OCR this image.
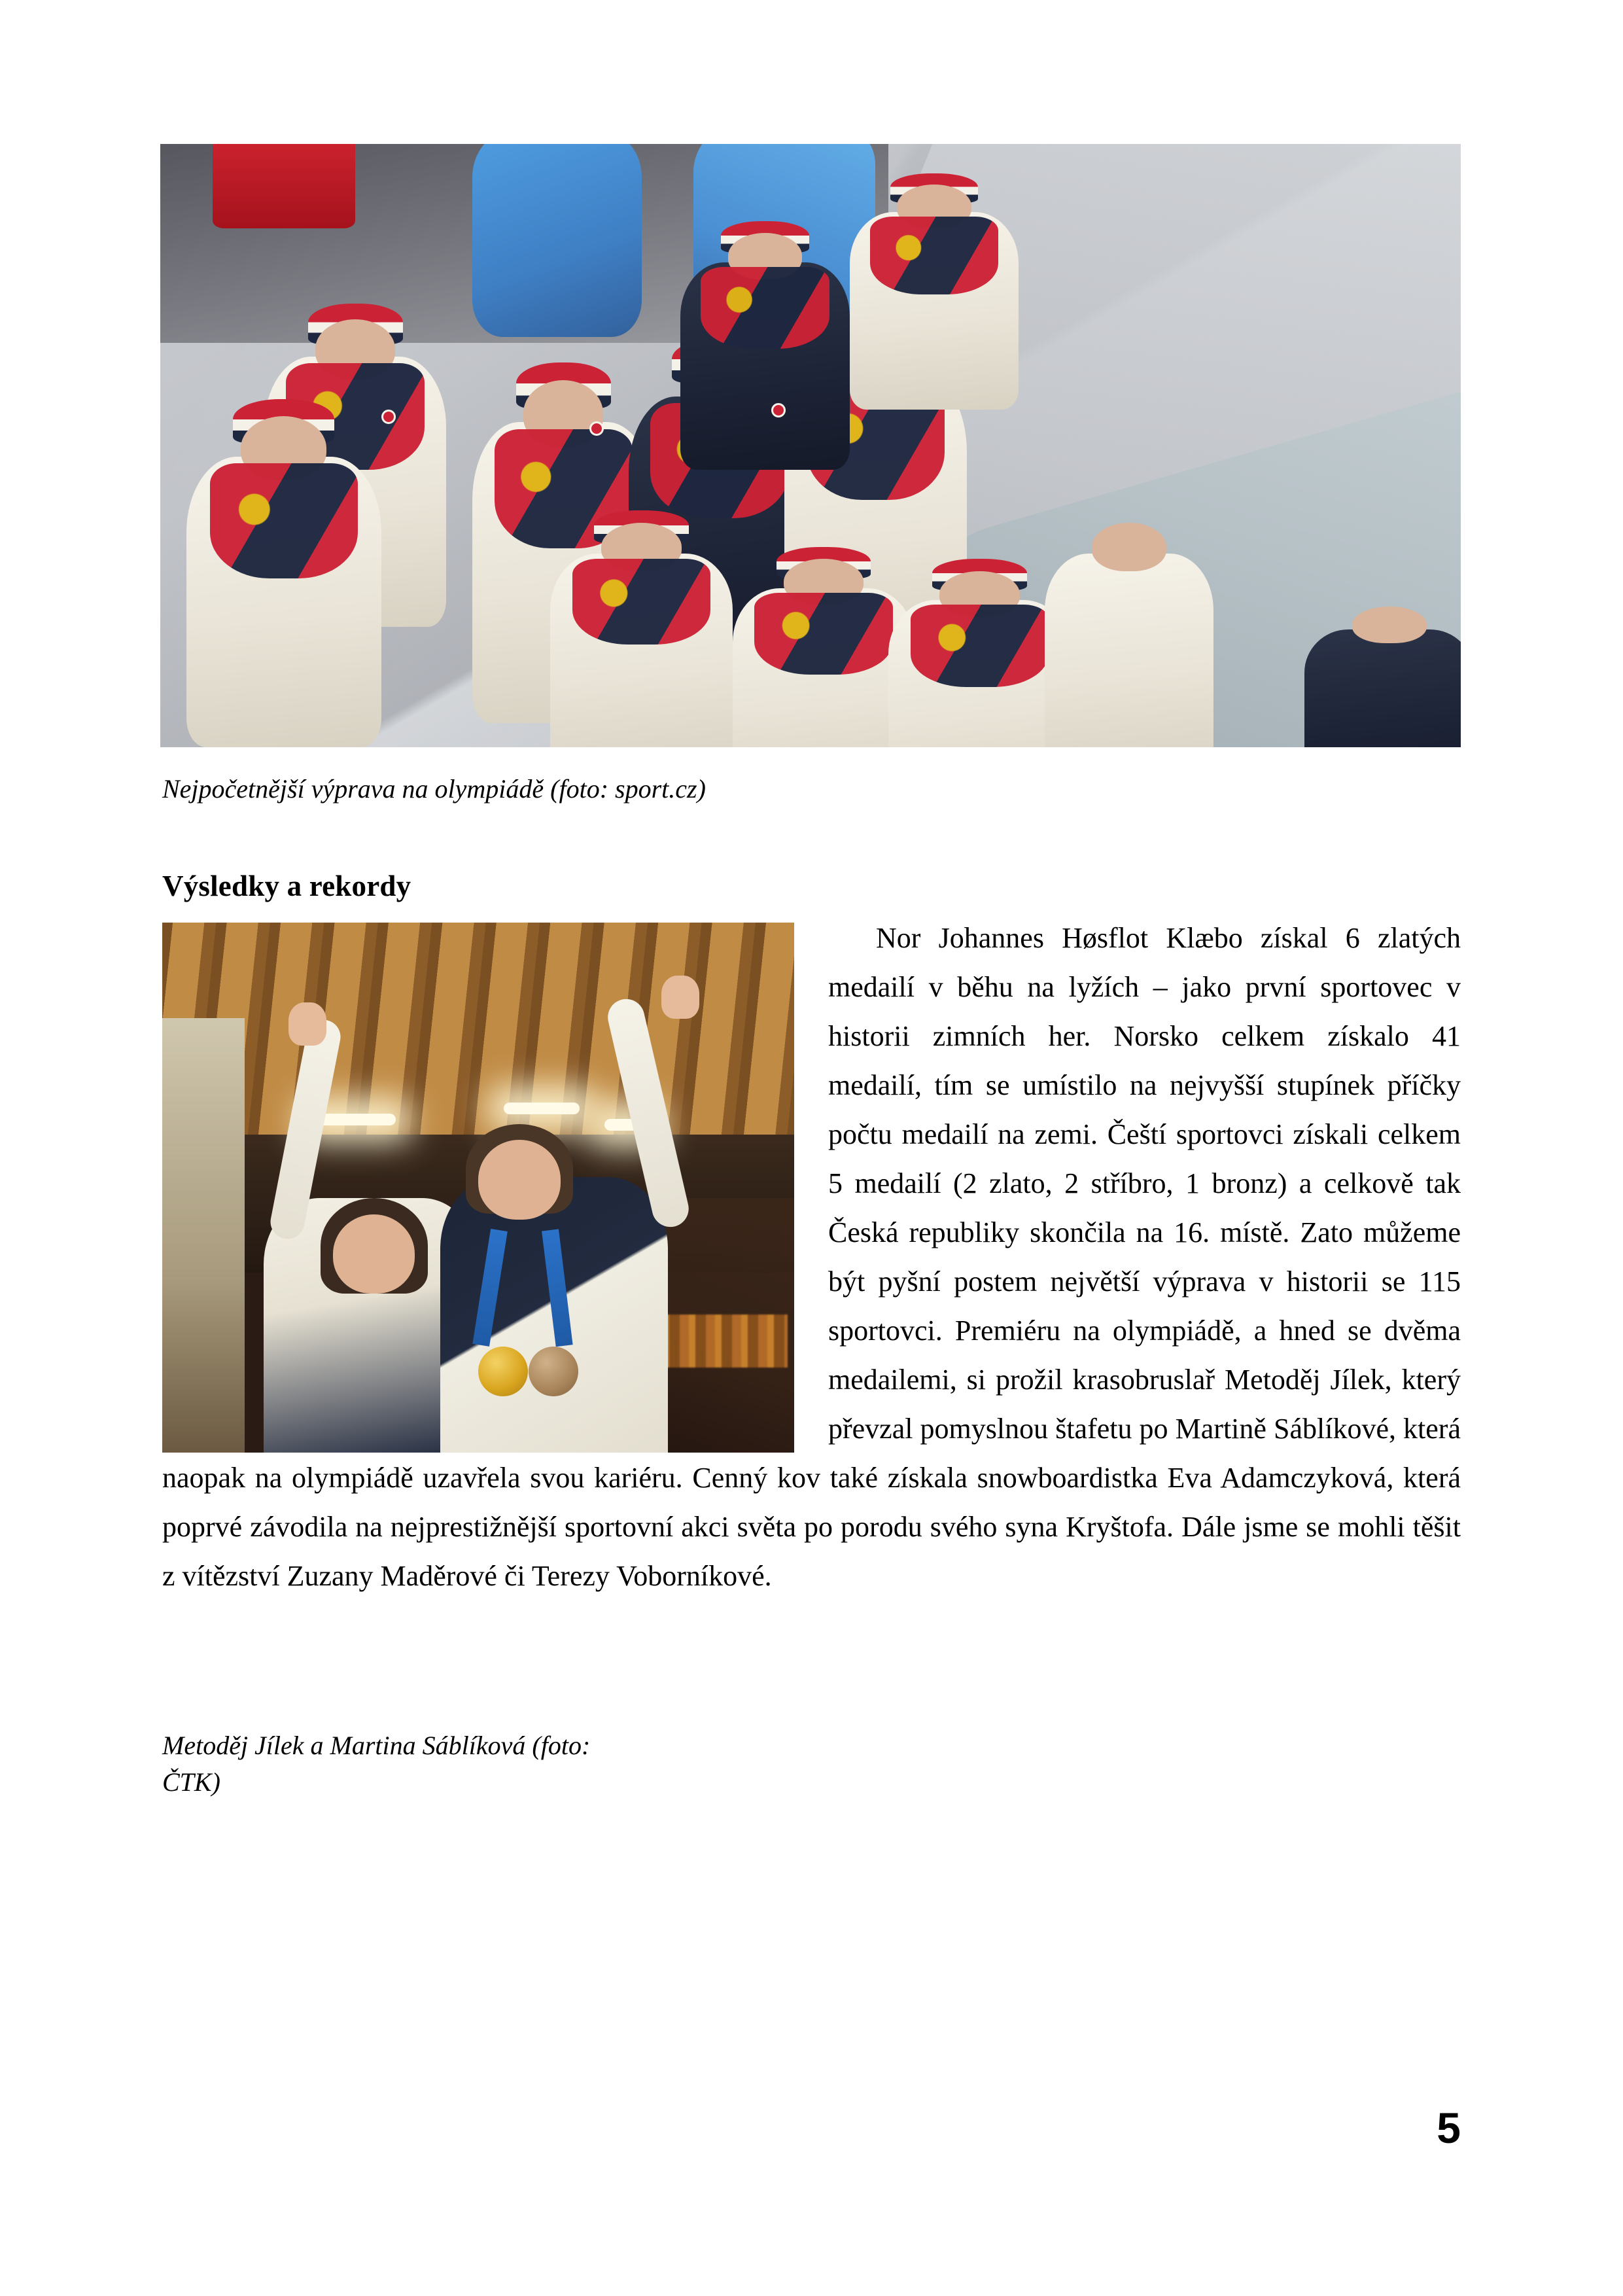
Nejpočetnější výprava na olympiádě (foto: sport.cz)
Výsledky a rekordy

Nor Johannes Høsflot Klæbo získal 6 zlatých medailí v běhu na lyžích – jako první sportovec v historii zimních her. Norsko celkem získalo 41 medailí, tím se umístilo na nejvyšší stupínek příčky počtu medailí na zemi. Čeští sportovci získali celkem 5 medailí (2 zlato, 2 stříbro, 1 bronz) a celkově tak Česká republiky skončila na 16. místě. Zato můžeme být pyšní postem největší výprava v historii se 115 sportovci. Premiéru na olympiádě, a hned se dvěma medailemi, si prožil krasobruslař Metoděj Jílek, který převzal pomyslnou štafetu po Martině Sáblíkové, která naopak na olympiádě uzavřela svou kariéru. Cenný kov také získala snowboardistka Eva Adamczyková, která poprvé závodila na nejprestižnější sportovní akci světa po porodu svého syna Kryštofa. Dále jsme se mohli těšit z vítězství Zuzany Maděrové či Terezy Voborníkové.

Metoděj Jílek a Martina Sáblíková (foto:
ČTK)
5
